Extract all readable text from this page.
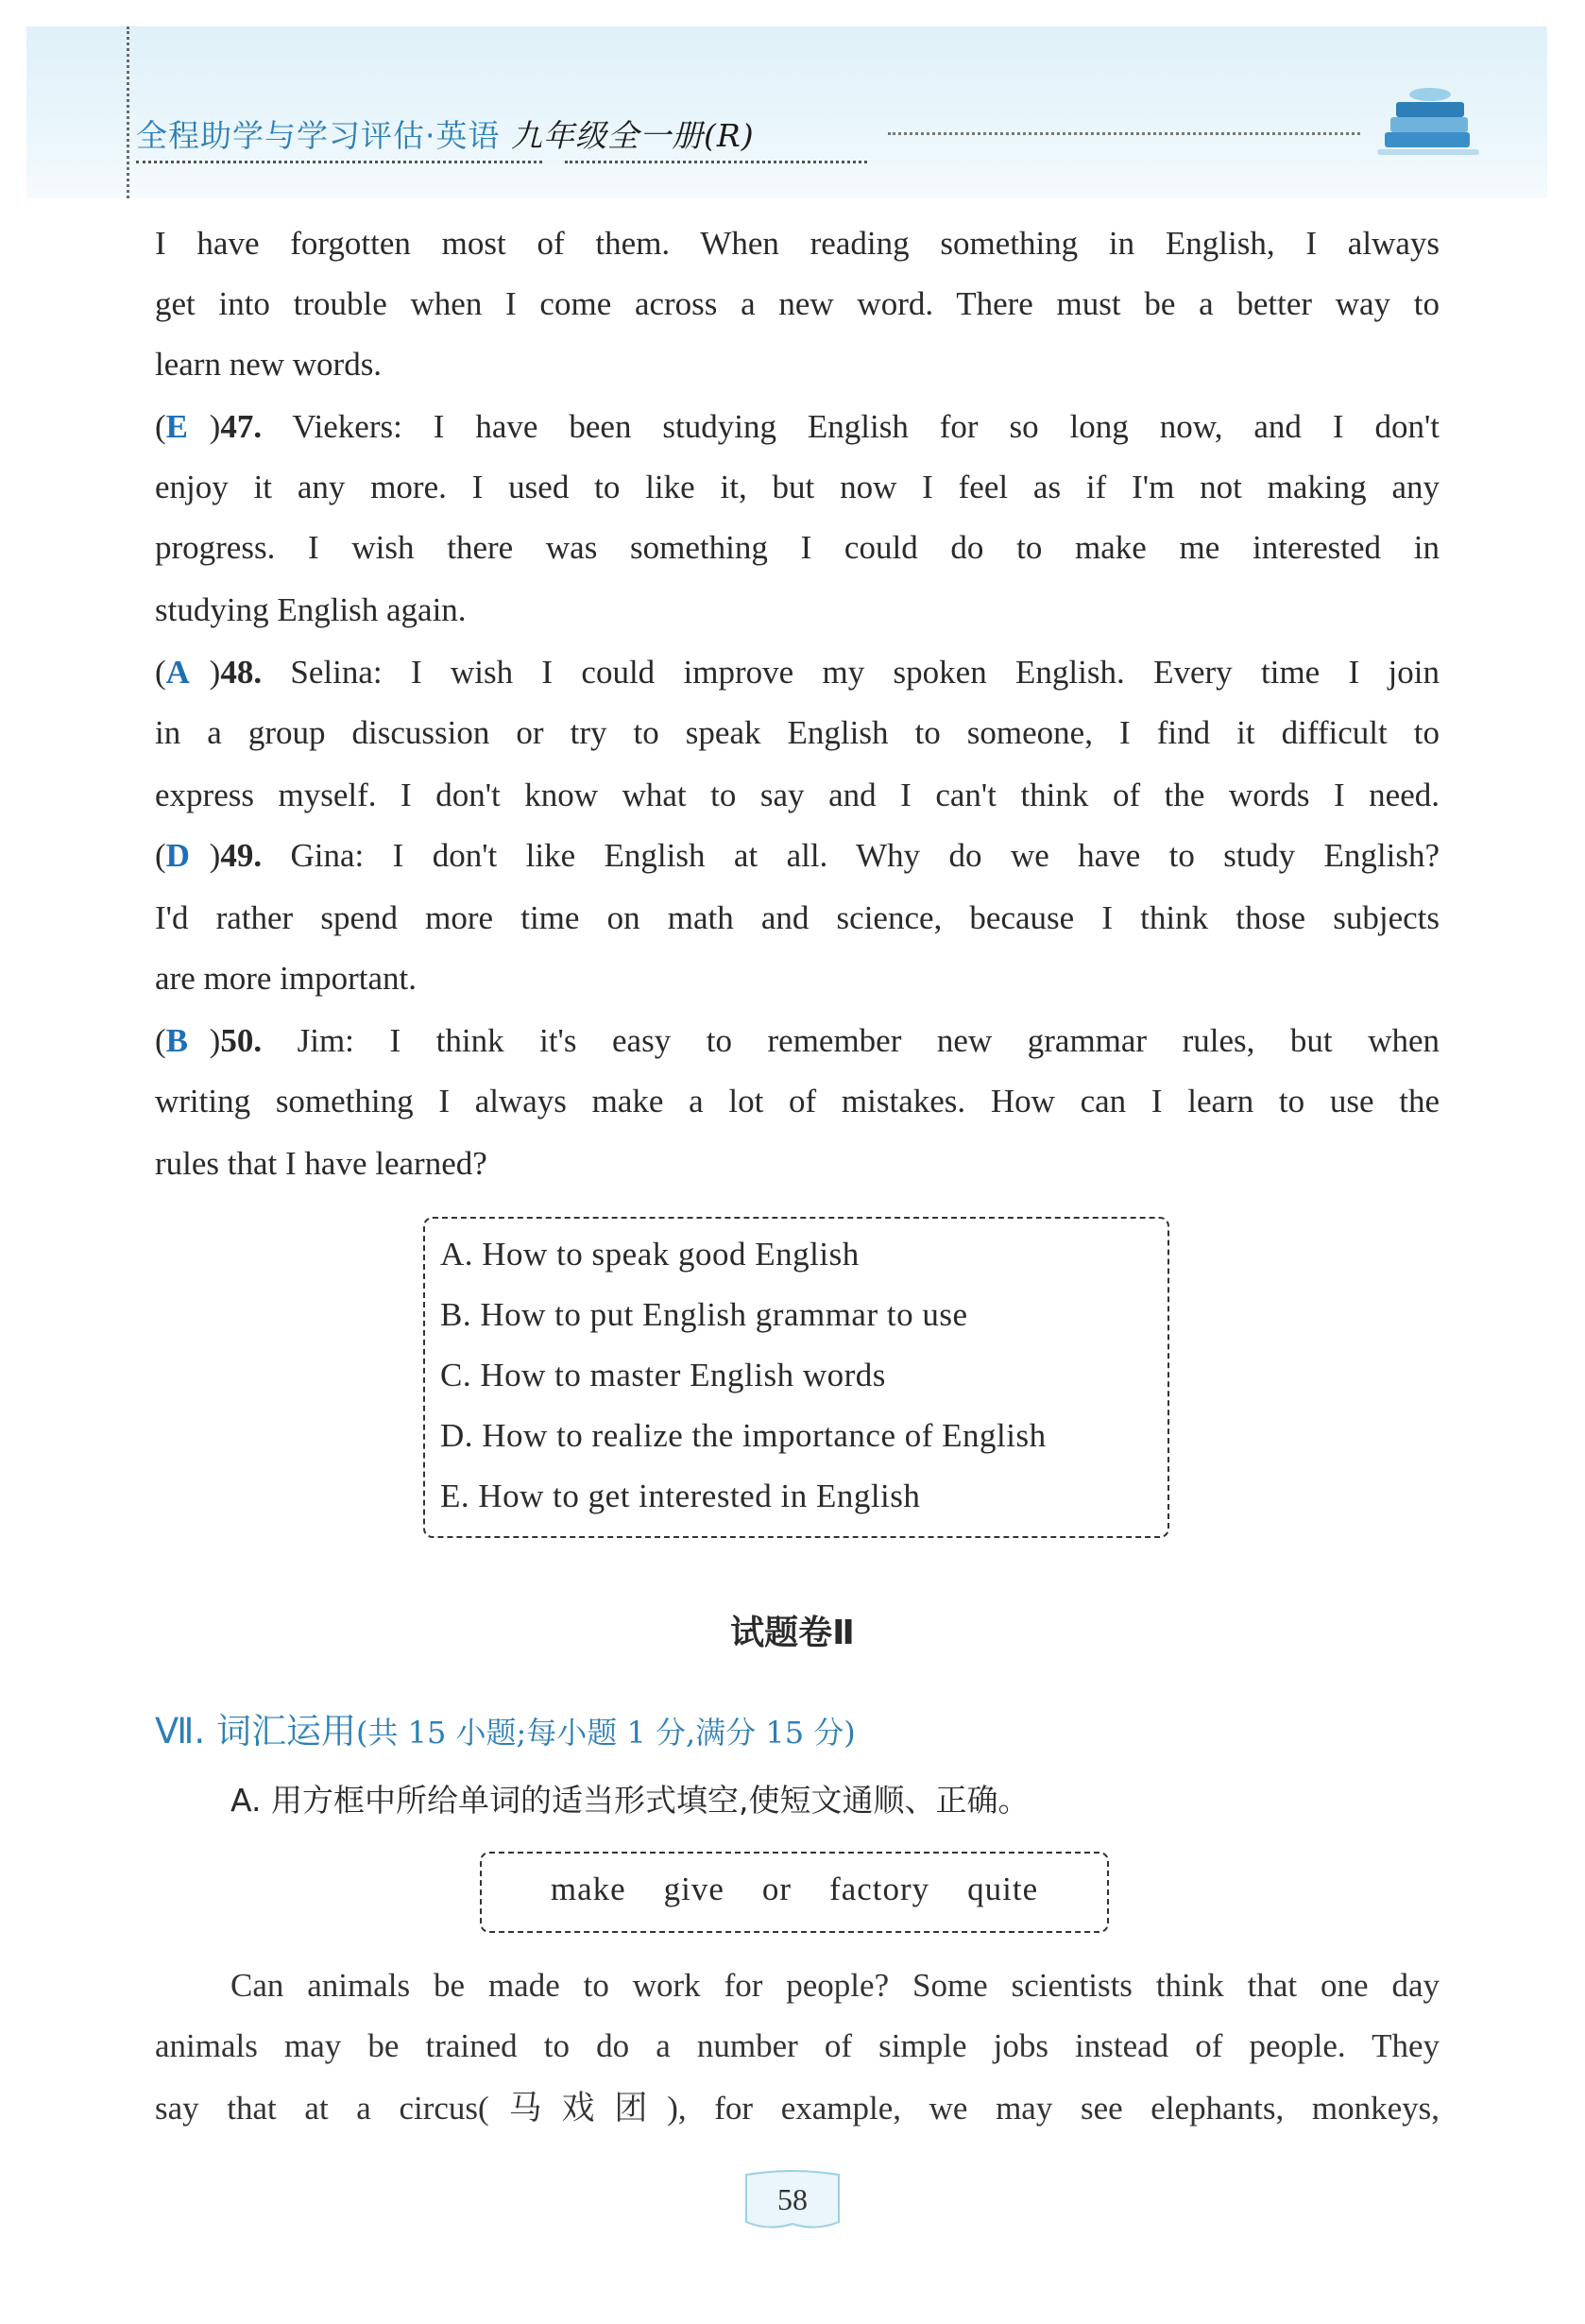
全程助学与学习评估·英语 九年级全一册(R)
I have forgotten most of them. When reading something in English, I always
get into trouble when I come across a new word. There must be a better way to
learn new words.
(E )47. Viekers: I have been studying English for so long now, and I don't
enjoy it any more. I used to like it, but now I feel as if I'm not making any
progress. I wish there was something I could do to make me interested in
studying English again.
(A )48. Selina: I wish I could improve my spoken English. Every time I join
in a group discussion or try to speak English to someone, I find it difficult to
express myself. I don't know what to say and I can't think of the words I need.
(D )49. Gina: I don't like English at all. Why do we have to study English?
I'd rather spend more time on math and science, because I think those subjects
are more important.
(B )50. Jim: I think it's easy to remember new grammar rules, but when
writing something I always make a lot of mistakes. How can I learn to use the
rules that I have learned?
A. How to speak good English
B. How to put English grammar to use
C. How to master English words
D. How to realize the importance of English
E. How to get interested in English
试题卷Ⅱ
Ⅶ. 词汇运用(共 15 小题;每小题 1 分,满分 15 分)
A. 用方框中所给单词的适当形式填空,使短文通顺、正确。
make give or factory quite
Can animals be made to work for people? Some scientists think that one day
animals may be trained to do a number of simple jobs instead of people. They
say that at a circus(马戏团), for example, we may see elephants, monkeys,
58
